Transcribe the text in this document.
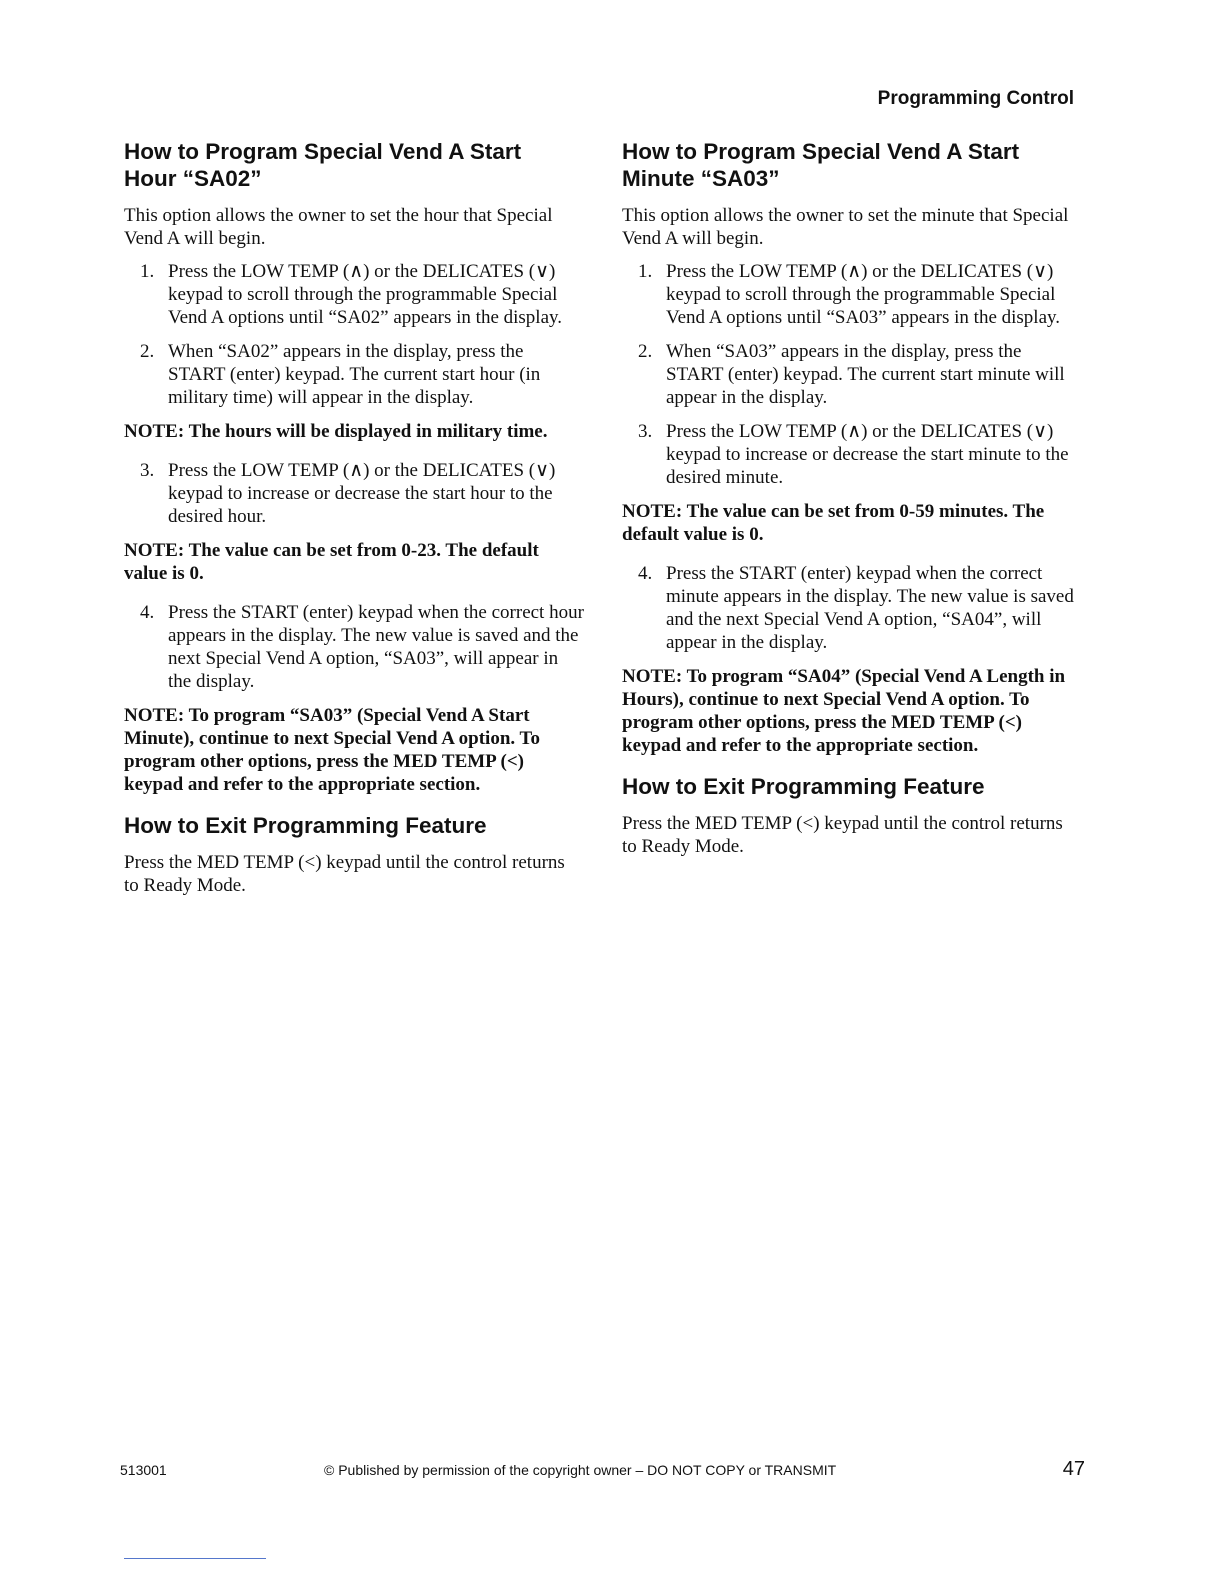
Programming Control
How to Program Special Vend A Start
Hour “SA02”

This option allows the owner to set the hour that Special Vend A will begin.

1. Press the LOW TEMP (∧) or the DELICATES (∨) keypad to scroll through the programmable Special Vend A options until “SA02” appears in the display.
2. When “SA02” appears in the display, press the START (enter) keypad. The current start hour (in military time) will appear in the display.

NOTE: The hours will be displayed in military time.

3. Press the LOW TEMP (∧) or the DELICATES (∨) keypad to increase or decrease the start hour to the desired hour.

NOTE: The value can be set from 0-23. The default value is 0.

4. Press the START (enter) keypad when the correct hour appears in the display. The new value is saved and the next Special Vend A option, “SA03”, will appear in the display.

NOTE: To program “SA03” (Special Vend A Start Minute), continue to next Special Vend A option. To program other options, press the MED TEMP (<) keypad and refer to the appropriate section.

How to Exit Programming Feature

Press the MED TEMP (<) keypad until the control returns to Ready Mode.

How to Program Special Vend A Start
Minute “SA03”

This option allows the owner to set the minute that Special Vend A will begin.

1. Press the LOW TEMP (∧) or the DELICATES (∨) keypad to scroll through the programmable Special Vend A options until “SA03” appears in the display.
2. When “SA03” appears in the display, press the START (enter) keypad. The current start minute will appear in the display.
3. Press the LOW TEMP (∧) or the DELICATES (∨) keypad to increase or decrease the start minute to the desired minute.

NOTE: The value can be set from 0-59 minutes. The default value is 0.

4. Press the START (enter) keypad when the correct minute appears in the display. The new value is saved and the next Special Vend A option, “SA04”, will appear in the display.

NOTE: To program “SA04” (Special Vend A Length in Hours), continue to next Special Vend A option. To program other options, press the MED TEMP (<) keypad and refer to the appropriate section.

How to Exit Programming Feature

Press the MED TEMP (<) keypad until the control returns to Ready Mode.

513001	© Published by permission of the copyright owner – DO NOT COPY or TRANSMIT	47
